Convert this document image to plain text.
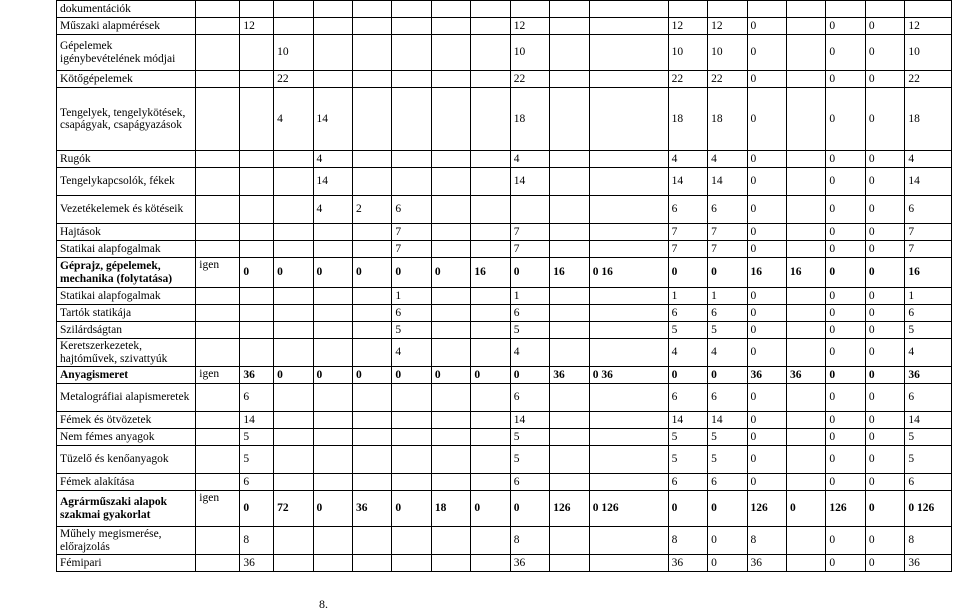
dokumentációk																		
Műszaki alapmérések		12							12			12	12	0		0	0	12
Gépelemek igénybevételének módjai			10						10			10	10	0		0	0	10
Kötőgépelemek			22						22			22	22	0		0	0	22
Tengelyek, tengelykötések, csapágyak, csapágyazások			4	14					18			18	18	0		0	0	18
Rugók				4					4			4	4	0		0	0	4
Tengelykapcsolók, fékek				14					14			14	14	0		0	0	14
Vezetékelemek és kötéseik				4	2	6						6	6	0		0	0	6
Hajtások						7			7			7	7	0		0	0	7
Statikai alapfogalmak						7			7			7	7	0		0	0	7
Géprajz, gépelemek, mechanika (folytatása)	igen	0	0	0	0	0	0	16	0	16	0 16	0	0	16	16	0	0	16
Statikai alapfogalmak						1			1			1	1	0		0	0	1
Tartók statikája						6			6			6	6	0		0	0	6
Szilárdságtan						5			5			5	5	0		0	0	5
Keretszerkezetek, hajtóművek, szivattyúk						4			4			4	4	0		0	0	4
Anyagismeret	igen	36	0	0	0	0	0	0	0	36	0 36	0	0	36	36	0	0	36
Metalográfiai alapismeretek		6							6			6	6	0		0	0	6
Fémek és ötvözetek		14							14			14	14	0		0	0	14
Nem fémes anyagok		5							5			5	5	0		0	0	5
Tüzelő és kenőanyagok		5							5			5	5	0		0	0	5
Fémek alakítása		6							6			6	6	0		0	0	6
Agrárműszaki alapok szakmai gyakorlat	igen	0	72	0	36	0	18	0	0	126	0 126	0	0	126	0	126	0	0 126
Műhely megismerése, előrajzolás		8							8			8	0	8		0	0	8
Fémipari		36							36			36	0	36		0	0	36
8.
